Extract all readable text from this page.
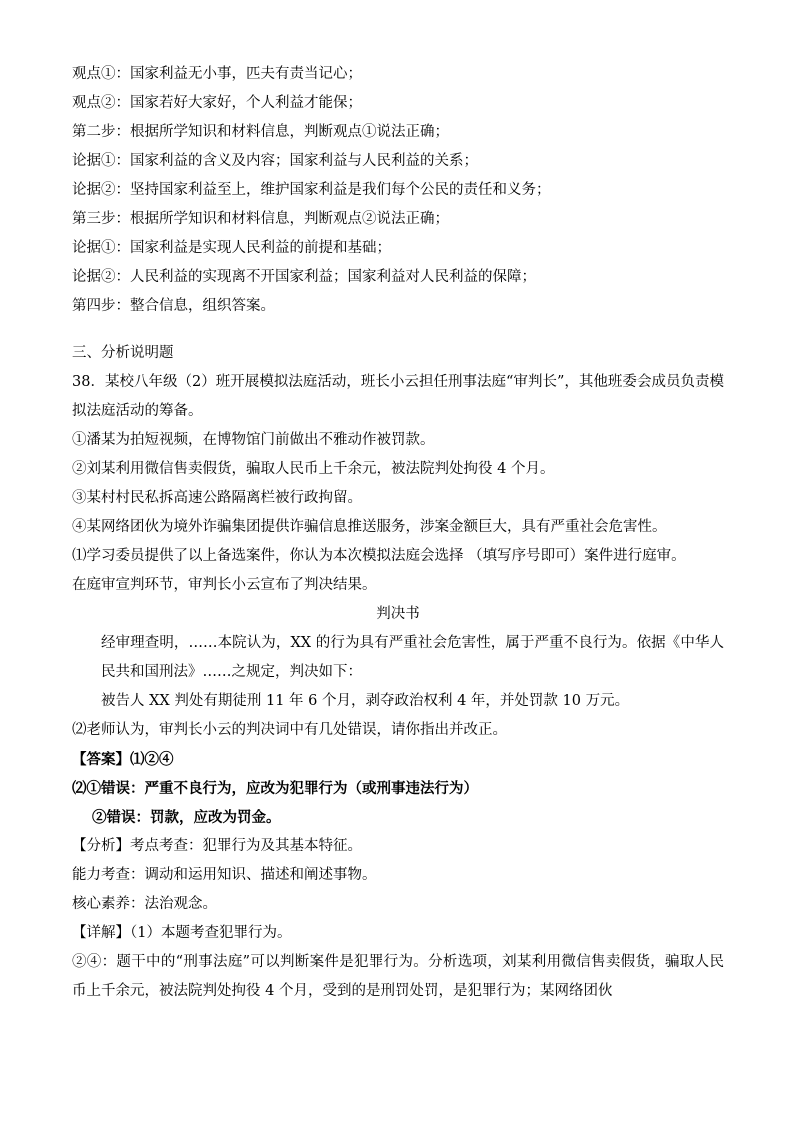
观点①：国家利益无小事，匹夫有责当记心；
观点②：国家若好大家好，个人利益才能保；
第二步：根据所学知识和材料信息，判断观点①说法正确；
论据①：国家利益的含义及内容；国家利益与人民利益的关系；
论据②：坚持国家利益至上，维护国家利益是我们每个公民的责任和义务；
第三步：根据所学知识和材料信息，判断观点②说法正确；
论据①：国家利益是实现人民利益的前提和基础；
论据②：人民利益的实现离不开国家利益；国家利益对人民利益的保障；
第四步：整合信息，组织答案。
三、分析说明题
38．某校八年级（2）班开展模拟法庭活动，班长小云担任刑事法庭“审判长”，其他班委会成员负责模拟法庭活动的筹备。
①潘某为拍短视频，在博物馆门前做出不雅动作被罚款。
②刘某利用微信售卖假货，骗取人民币上千余元，被法院判处拘役 4 个月。
③某村村民私拆高速公路隔离栏被行政拘留。
④某网络团伙为境外诈骗集团提供诈骗信息推送服务，涉案金额巨大，具有严重社会危害性。
⑴学习委员提供了以上备选案件，你认为本次模拟法庭会选择 （填写序号即可）案件进行庭审。
在庭审宣判环节，审判长小云宣布了判决结果。
判决书
经审理查明，……本院认为，XX 的行为具有严重社会危害性，属于严重不良行为。依据《中华人民共和国刑法》……之规定，判决如下：
被告人 XX 判处有期徒刑 11 年 6 个月，剥夺政治权利 4 年，并处罚款 10 万元。
⑵老师认为，审判长小云的判决词中有几处错误，请你指出并改正。
【答案】⑴②④
⑵①错误：严重不良行为，应改为犯罪行为（或刑事违法行为）
②错误：罚款，应改为罚金。
【分析】考点考查：犯罪行为及其基本特征。
能力考查：调动和运用知识、描述和阐述事物。
核心素养：法治观念。
【详解】（1）本题考查犯罪行为。
②④：题干中的“刑事法庭”可以判断案件是犯罪行为。分析选项，刘某利用微信售卖假货，骗取人民币上千余元，被法院判处拘役 4 个月，受到的是刑罚处罚，是犯罪行为；某网络团伙
